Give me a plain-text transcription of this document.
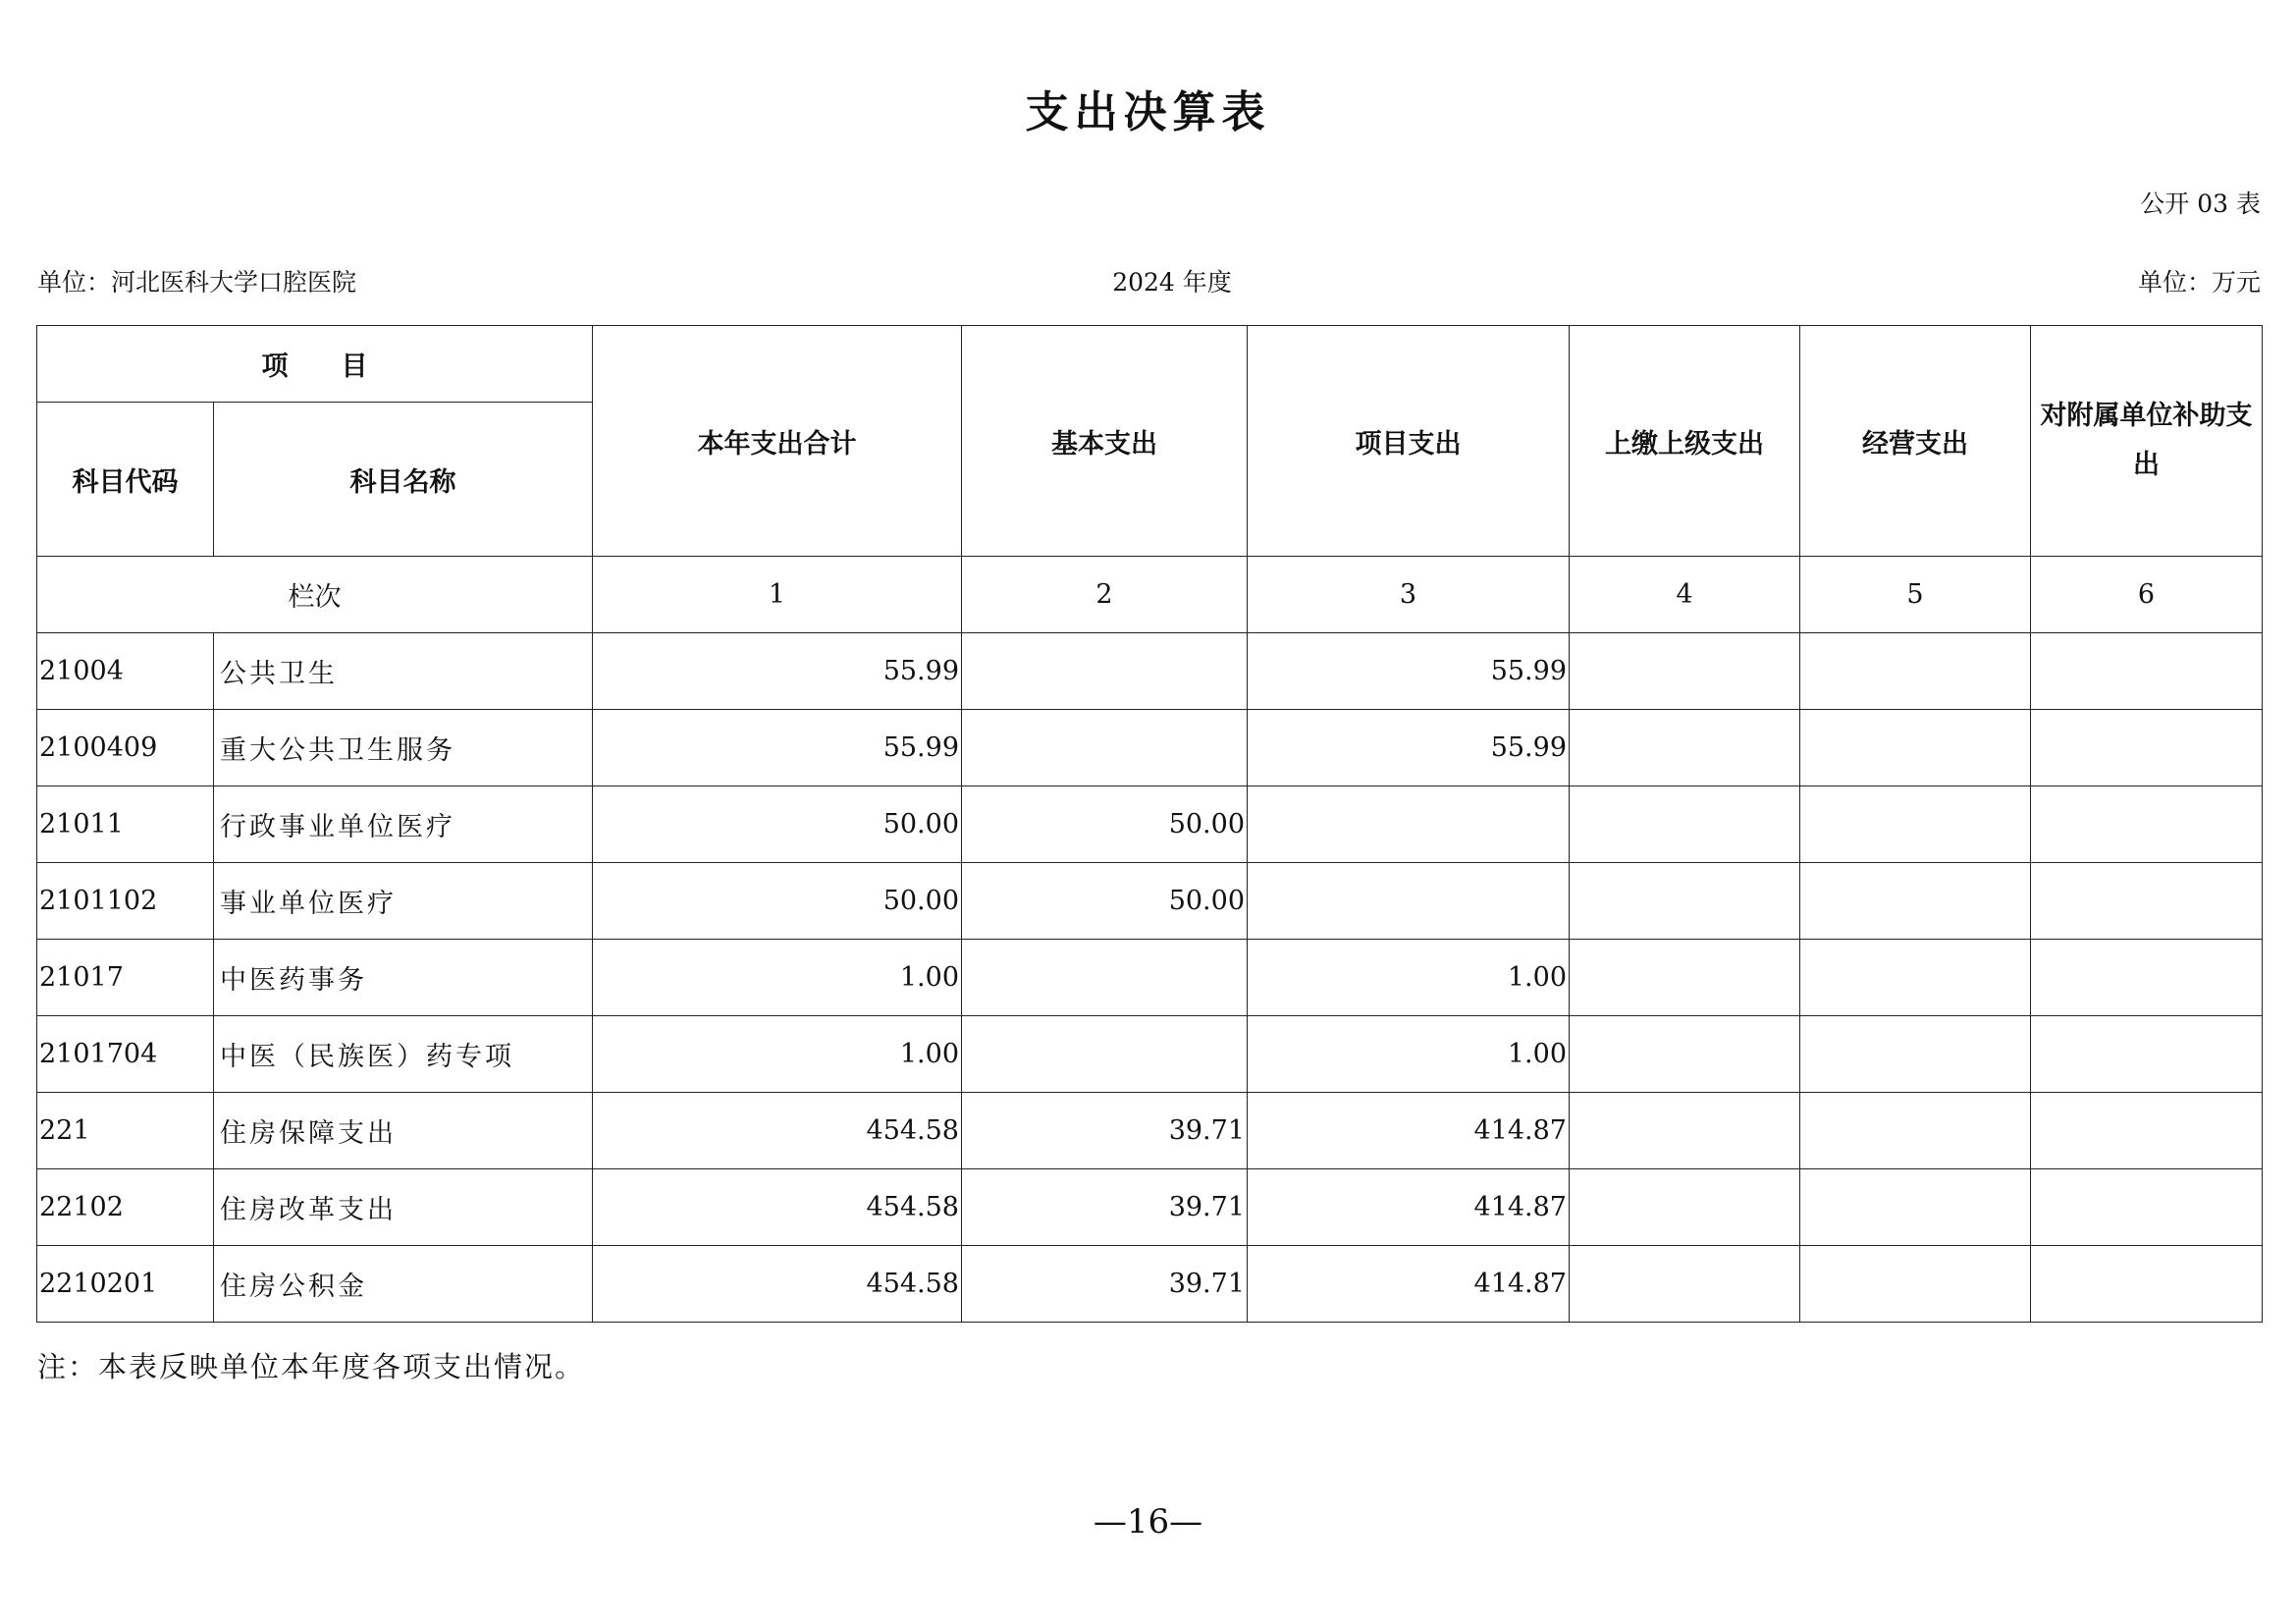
支出决算表
公开 03 表
单位：河北医科大学口腔医院	2024 年度	单位：万元
项　　目		本年支出合计	基本支出	项目支出	上缴上级支出	经营支出	对附属单位补助支出
科目代码	科目名称						
栏次		1	2	3	4	5	6
21004	公共卫生	55.99		55.99			
2100409	重大公共卫生服务	55.99		55.99			
21011	行政事业单位医疗	50.00	50.00				
2101102	事业单位医疗	50.00	50.00				
21017	中医药事务	1.00		1.00			
2101704	中医（民族医）药专项	1.00		1.00			
221	住房保障支出	454.58	39.71	414.87			
22102	住房改革支出	454.58	39.71	414.87			
2210201	住房公积金	454.58	39.71	414.87			
注：本表反映单位本年度各项支出情况。
—16—
